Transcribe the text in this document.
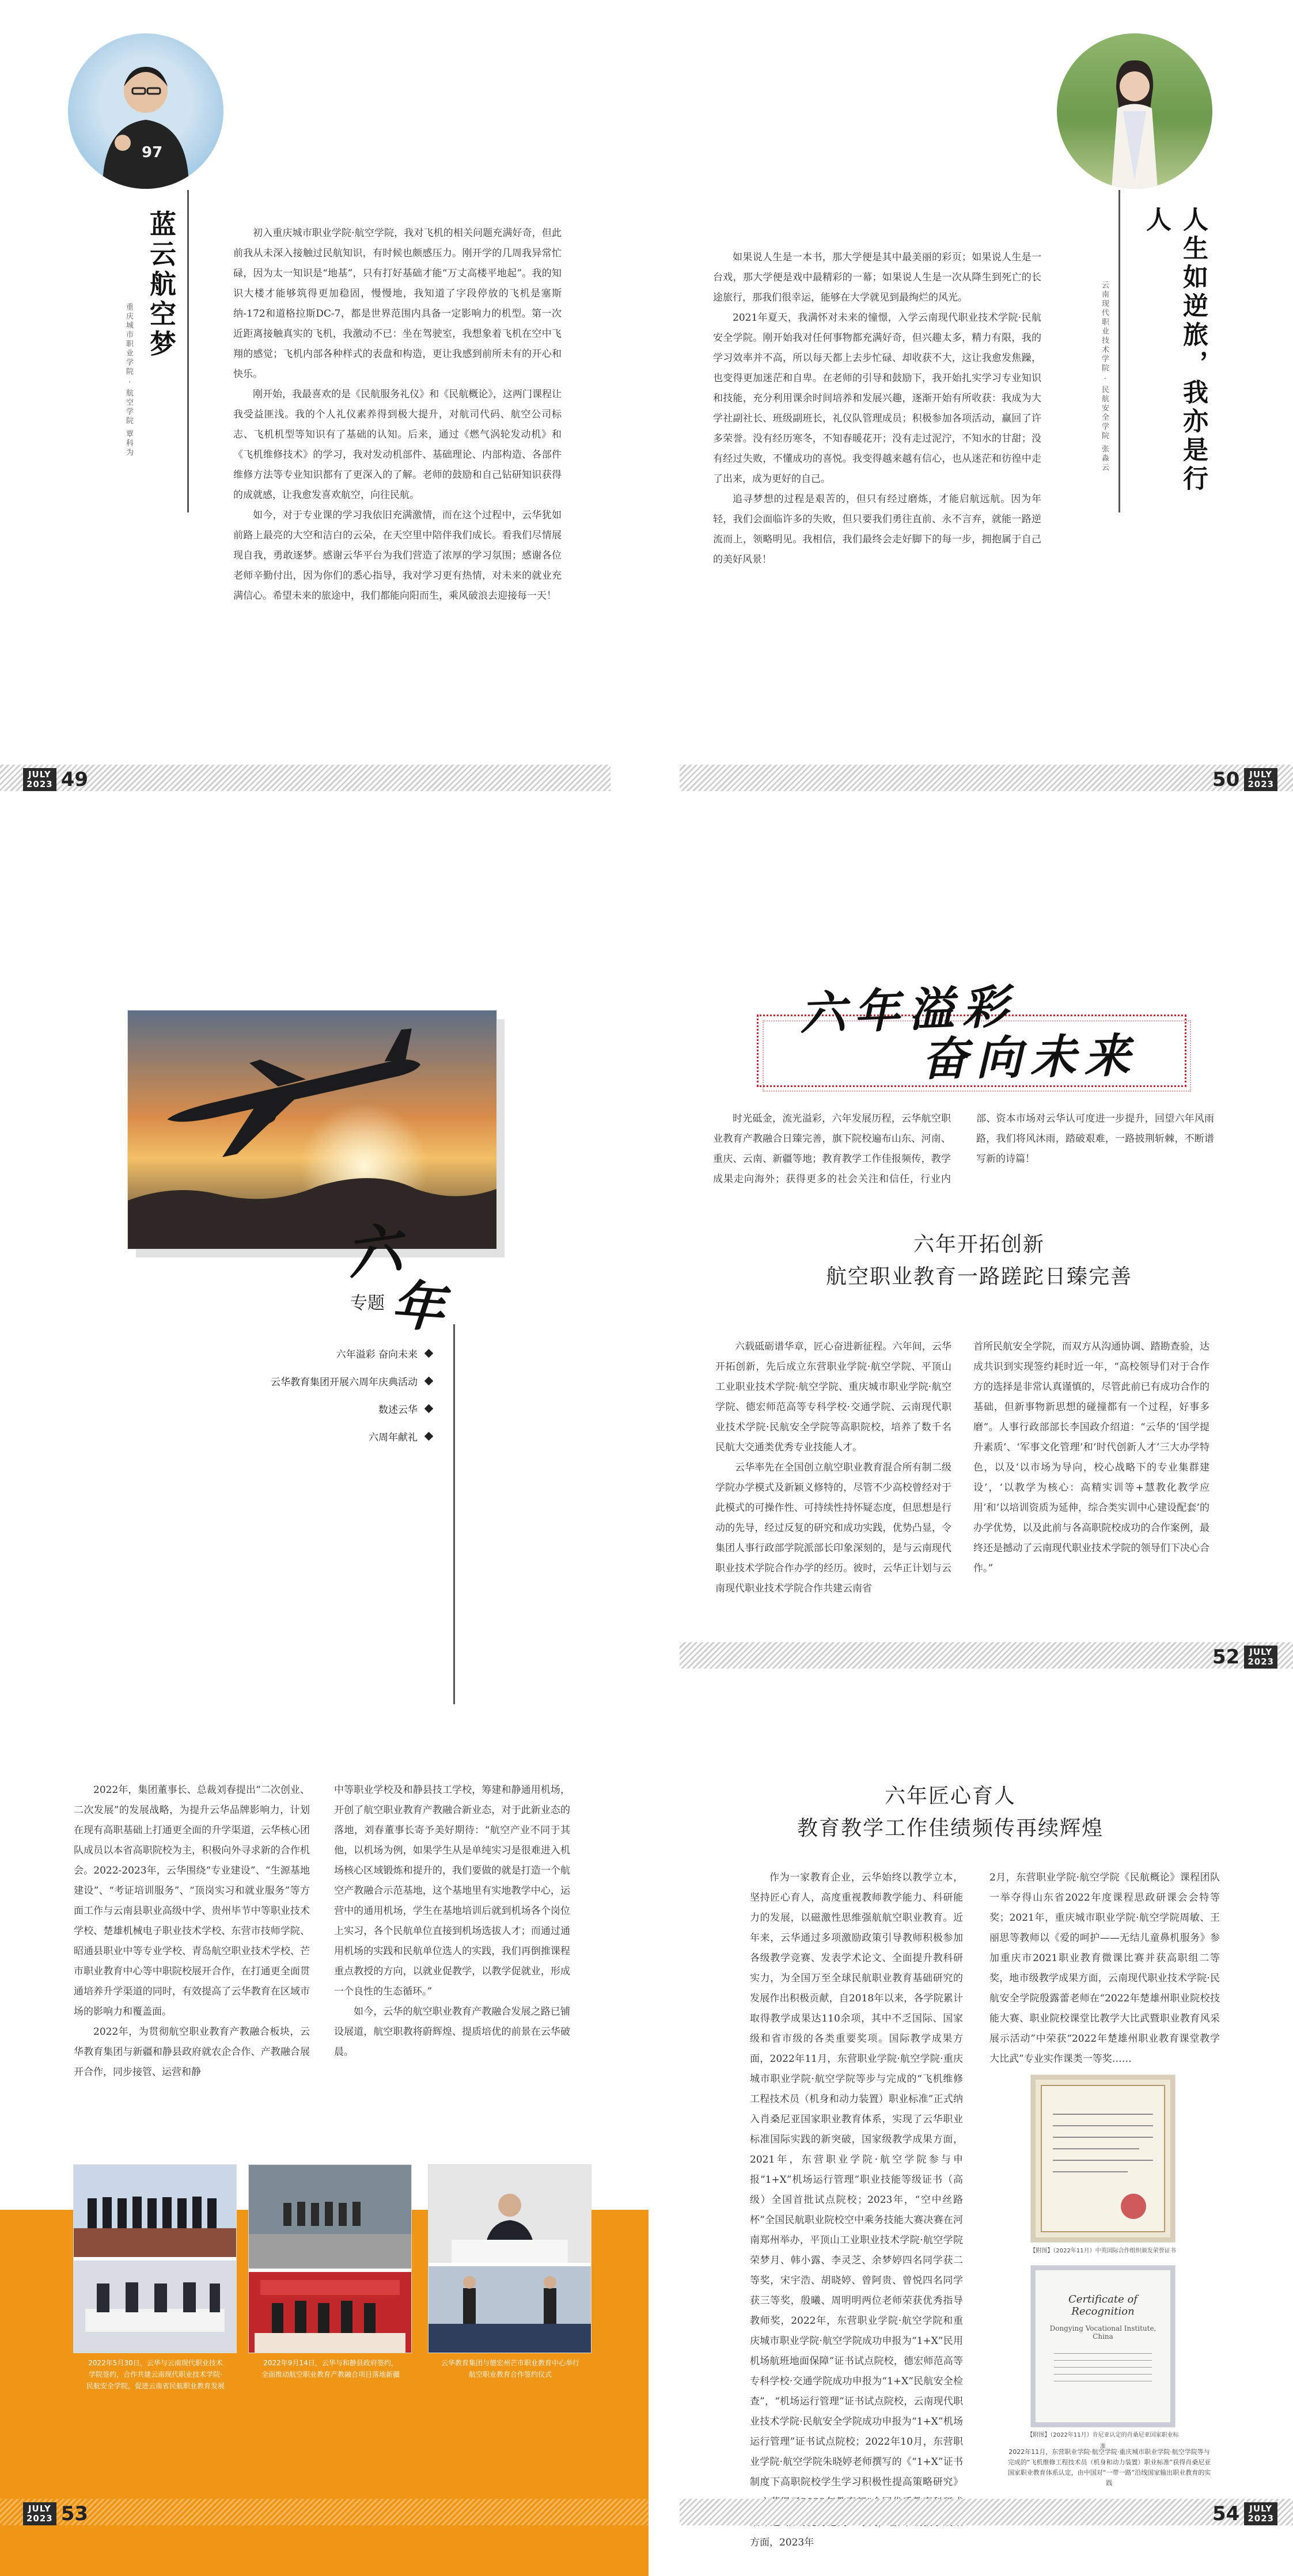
97
蓝云航空梦
重庆城市职业学院 · 航空学院 覃科为

初入重庆城市职业学院·航空学院，我对飞机的相关问题充满好奇，但此前我从未深入接触过民航知识，有时候也颇感压力。刚开学的几周我异常忙碌，因为太一知识是“地基”，只有打好基础才能“万丈高楼平地起”。我的知识大楼才能够筑得更加稳固，慢慢地，我知道了字段停放的飞机是塞斯纳-172和道格拉斯DC-7，都是世界范围内具备一定影响力的机型。第一次近距离接触真实的飞机，我激动不已：坐在驾驶室，我想象着飞机在空中飞翔的感觉；飞机内部各种样式的表盘和构造，更让我感到前所未有的开心和快乐。

刚开始，我最喜欢的是《民航服务礼仪》和《民航概论》，这两门课程让我受益匪浅。我的个人礼仪素养得到极大提升，对航司代码、航空公司标志、飞机机型等知识有了基础的认知。后来，通过《燃气涡轮发动机》和《飞机维修技术》的学习，我对发动机部件、基础理论、内部构造、各部件维修方法等专业知识都有了更深入的了解。老师的鼓励和自己钻研知识获得的成就感，让我愈发喜欢航空，向往民航。

如今，对于专业课的学习我依旧充满激情，而在这个过程中，云华犹如前路上最亮的大空和洁白的云朵，在天空里中陪伴我们成长。看我们尽情展现自我，勇敢逐梦。感谢云华平台为我们营造了浓厚的学习氛围；感谢各位老师辛勤付出，因为你们的悉心指导，我对学习更有热情，对未来的就业充满信心。希望未来的旅途中，我们都能向阳而生，乘风破浪去迎接每一天！

JULY
2023 49
人生如逆旅，我亦是行人
云南现代职业技术学院 · 民航安全学院 张淼云

如果说人生是一本书，那大学便是其中最美丽的彩页；如果说人生是一台戏，那大学便是戏中最精彩的一幕；如果说人生是一次从降生到死亡的长途旅行，那我们很幸运，能够在大学就见到最绚烂的风光。

2021年夏天，我满怀对未来的憧憬，入学云南现代职业技术学院·民航安全学院。刚开始我对任何事物都充满好奇，但兴趣太多，精力有限，我的学习效率并不高，所以每天都上去步忙碌、却收获不大，这让我愈发焦躁，也变得更加迷茫和自卑。在老师的引导和鼓励下，我开始扎实学习专业知识和技能，充分利用课余时间培养和发展兴趣，逐渐开始有所收获：我成为大学社副社长、班级副班长，礼仪队管理成员；积极参加各项活动，赢回了许多荣誉。没有经历寒冬，不知春暖花开；没有走过泥泞，不知水的甘甜；没有经过失败，不懂成功的喜悦。我变得越来越有信心，也从迷茫和彷徨中走了出来，成为更好的自己。

追寻梦想的过程是艰苦的，但只有经过磨炼，才能启航远航。因为年轻，我们会面临许多的失败，但只要我们勇往直前、永不言弃，就能一路逆流而上，领略明见。我相信，我们最终会走好脚下的每一步，拥抱属于自己的美好风景！

50 JULY
2023
六
专题 年
六年溢彩 奋向未来
云华教育集团开展六周年庆典活动
数述云华
六周年献礼
六年溢彩
奋向未来

时光砥金，流光溢彩，六年发展历程，云华航空职业教育产教融合日臻完善，旗下院校遍布山东、河南、重庆、云南、新疆等地；教育教学工作佳报频传，教学成果走向海外；获得更多的社会关注和信任，行业内部、资本市场对云华认可度进一步提升，回望六年风雨路，我们将风沐雨，踏破艰难，一路披荆斩棘，不断谱写新的诗篇！

六年开拓创新
航空职业教育一路蹉跎日臻完善

六载砥砺谱华章，匠心奋进新征程。六年间，云华开拓创新，先后成立东营职业学院·航空学院、平顶山工业职业技术学院·航空学院、重庆城市职业学院·航空学院、德宏师范高等专科学校·交通学院、云南现代职业技术学院·民航安全学院等高职院校，培养了数千名民航大交通类优秀专业技能人才。

云华率先在全国创立航空职业教育混合所有制二级学院办学模式及新颖义修特的，尽管不少高校曾经对于此模式的可操作性、可持续性持怀疑态度，但思想是行动的先导，经过反复的研究和成功实践，优势凸显，令集团人事行政部学院派部长印象深刻的，是与云南现代职业技术学院合作办学的经历。彼时，云华正计划与云南现代职业技术学院合作共建云南省

首所民航安全学院，而双方从沟通协调、踏勘查验，达成共识到实现签约耗时近一年，“高校领导们对于合作方的选择是非常认真谨慎的，尽管此前已有成功合作的基础，但新事物新思想的碰撞都有一个过程，好事多磨”。人事行政部部长李国政介绍道：“云华的‘国学提升素质’、‘军事文化管理’和‘时代创新人才’三大办学特色，以及‘以市场为导向，校心战略下的专业集群建设’，‘以教学为核心：高精实训等+慧教化教学应用’和‘以培训资质为延伸，综合类实训中心建设配套’的办学优势，以及此前与各高职院校成功的合作案例，最终还是撼动了云南现代职业技术学院的领导们下决心合作。”

52 JULY
2023

2022年，集团董事长、总裁刘春提出“二次创业、二次发展”的发展战略，为提升云华品牌影响力，计划在现有高职基础上打通更全面的升学渠道，云华核心团队成员以本省高职院校为主，积极向外寻求新的合作机会。2022-2023年，云华围绕“专业建设”、“生源基地建设”、“考证培训服务”、“顶岗实习和就业服务”等方面工作与云南县职业高级中学、贵州毕节中等职业技术学校、楚雄机械电子职业技术学校、东营市技师学院、昭通县职业中等专业学校、青岛航空职业技术学校、芒市职业教育中心等中职院校展开合作，在打通更全面贯通培养升学渠道的同时，有效提高了云华教育在区域市场的影响力和覆盖面。

2022年，为贯彻航空职业教育产教融合板块，云华教育集团与新疆和静县政府就农企合作、产教融合展开合作，同步接管、运营和静

中等职业学校及和静县技工学校，筹建和静通用机场，开创了航空职业教育产教融合新业态，对于此新业态的落地，刘春董事长寄予美好期待：“航空产业不同于其他，以机场为例，如果学生从是单纯实习是很难进入机场核心区域锻炼和提升的，我们要做的就是打造一个航空产教融合示范基地，这个基地里有实地教学中心，运营中的通用机场，学生在基地培训后就到机场各个岗位上实习，各个民航单位直接到机场选拔人才；而通过通用机场的实践和民航单位选人的实践，我们再倒推课程重点教授的方向，以就业促教学，以教学促就业，形成一个良性的生态循环。”

如今，云华的航空职业教育产教融合发展之路已铺设展道，航空职教将蔚辉煌、提质培优的前景在云华破晨。

2022年5月30日，云华与云南现代职业技术学院签约，合作共建云南现代职业技术学院·民航安全学院，促进云南省民航职业教育发展
2022年9月14日，云华与和静县政府签约，全面推动航空职业教育产教融合项目落地新疆
云华教育集团与德宏州芒市职业教育中心举行航空职业教育合作签约仪式
JULY
2023 53
六年匠心育人
教育教学工作佳绩频传再续辉煌

作为一家教育企业，云华始终以教学立本，坚持匠心育人，高度重视教师教学能力、科研能力的发展，以磁激性思维强航航空职业教育。近年来，云华通过多项激励政策引导教师积极参加各级教学竞赛、发表学术论文、全面提升教科研实力，为全国万至全球民航职业教育基础研究的发展作出积极贡献，自2018年以来，各学院累计取得教学成果达110余项，其中不乏国际、国家级和省市级的各类重要奖项。国际教学成果方面，2022年11月，东营职业学院·航空学院·重庆城市职业学院·航空学院等步与完成的“飞机维修工程技术员（机身和动力装置）职业标准”正式纳入肖桑尼亚国家职业教育体系，实现了云华职业标准国际实践的新突破，国家级教学成果方面，2021年，东营职业学院·航空学院参与申报“1+X”机场运行管理”职业技能等级证书（高级）全国首批试点院校；2023年，“空中丝路杯”全国民航职业院校空中乘务技能大赛决赛在河南郑州举办，平顶山工业职业技术学院·航空学院荣梦月、韩小露、李灵芝、余梦婷四名同学获二等奖，宋宇浩、胡晓婷、曾阿贵、曾悦四名同学获三等奖，殷曦、周明明两位老师荣获优秀指导教师奖，2022年，东营职业学院·航空学院和重庆城市职业学院·航空学院成功申报为“1+X”民用机场航班地面保障”证书试点院校，德宏师范高等专科学校·交通学院成功申报为“1+X”民航安全检查”，“机场运行管理”证书试点院校，云南现代职业技术学院·民航安全学院成功申报为“1+X”机场运行管理”证书试点院校；2022年10月，东营职业学院·航空学院朱晓婷老师撰写的《“1+X”证书制度下高职院校学生学习积极性提高策略研究》 方面，2023年

2月，东营职业学院·航空学院《民航概论》课程团队一举夺得山东省2022年度课程思政研课会会特等奖；2021年，重庆城市职业学院·航空学院周敏、王丽思等教师以《爱的呵护——无结儿童鼻机服务》参加重庆市2021职业教育微课比赛并获高职组二等奖，地市级教学成果方面，云南现代职业技术学院·民航安全学院殷露蕾老师在“2022年楚雄州职业院校技能大赛、职业院校课堂比教学大比武暨职业教育风采展示活动”中荣获“2022年楚雄州职业教育课堂教学大比武”专业实作课类一等奖……

【附图】（2022年11月）中英国际合作组织颁发荣誉证书
Certificate of Recognition
Dongying Vocational Institute, China
【附图】（2022年11月）肯尼亚认定的肖桑尼亚国家职业标准
2022年11月，东营职业学院·航空学院·重庆城市职业学院·航空学院等与完成的“飞机维修工程技术员（机身和动力装置）职业标准”获得肖桑尼亚国家职业教育体系认定，由中国对“一带一路”沿线国家输出职业教育的实践
54 JULY
2023
